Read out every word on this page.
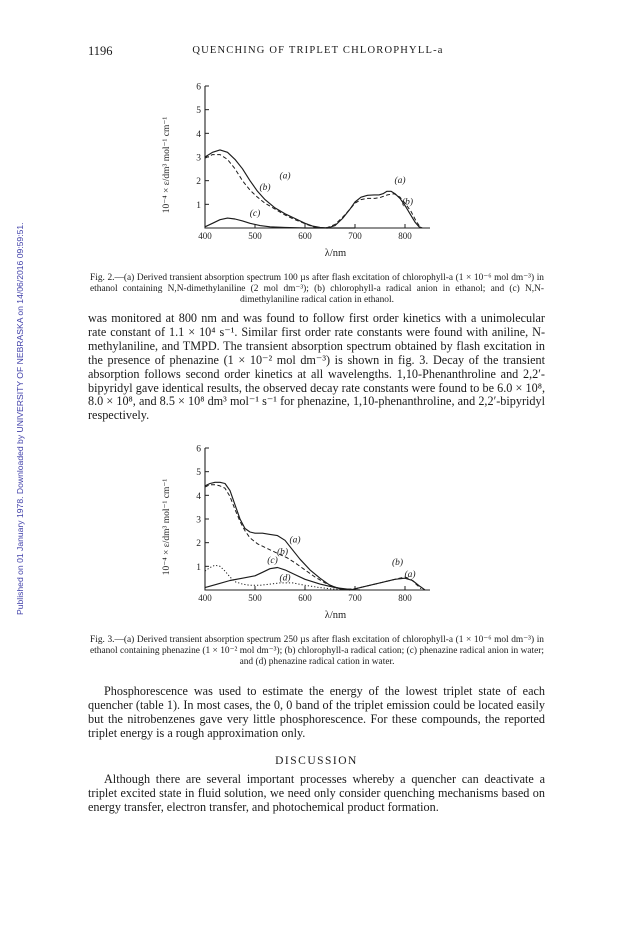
Published on 01 January 1978. Downloaded by UNIVERSITY OF NEBRASKA on 14/06/2016 09:59:51.
1196	QUENCHING OF TRIPLET CHLOROPHYLL-a
1
2
3
4
5
6
400	500	600	700	800
λ/nm
10⁻⁴ × ε/dm³ mol⁻¹ cm⁻¹	(a)	(a)
(b)
(b)
(c)

Fig. 2.—(a) Derived transient absorption spectrum 100 µs after flash excitation of chlorophyll-a (1 × 10⁻⁶ mol dm⁻³) in ethanol containing N,N-dimethylaniline (2 mol dm⁻³); (b) chlorophyll-a radical anion in ethanol; and (c) N,N-dimethylaniline radical cation in ethanol.

was monitored at 800 nm and was found to follow first order kinetics with a unimolecular rate constant of 1.1 × 10⁴ s⁻¹. Similar first order rate constants were found with aniline, N-methylaniline, and TMPD. The transient absorption spectrum obtained by flash excitation in the presence of phenazine (1 × 10⁻² mol dm⁻³) is shown in fig. 3. Decay of the transient absorption follows second order kinetics at all wavelengths. 1,10-Phenanthroline and 2,2′-bipyridyl gave identical results, the observed decay rate constants were found to be 6.0 × 10⁸, 8.0 × 10⁸, and 8.5 × 10⁸ dm³ mol⁻¹ s⁻¹ for phenazine, 1,10-phenanthroline, and 2,2′-bipyridyl respectively.

1
2
3
4
5
6
400	500	600	700	800
λ/nm
10⁻⁴ × ε/dm³ mol⁻¹ cm⁻¹	(a)
(a)
(b)
(b)
(c)
(d)

Fig. 3.—(a) Derived transient absorption spectrum 250 µs after flash excitation of chlorophyll-a (1 × 10⁻⁶ mol dm⁻³) in ethanol containing phenazine (1 × 10⁻² mol dm⁻³); (b) chlorophyll-a radical cation; (c) phenazine radical anion in water; and (d) phenazine radical cation in water.

Phosphorescence was used to estimate the energy of the lowest triplet state of each quencher (table 1). In most cases, the 0, 0 band of the triplet emission could be located easily but the nitrobenzenes gave very little phosphorescence. For these compounds, the reported triplet energy is a rough approximation only.

DISCUSSION

Although there are several important processes whereby a quencher can deactivate a triplet excited state in fluid solution, we need only consider quenching mechanisms based on energy transfer, electron transfer, and photochemical product formation.
